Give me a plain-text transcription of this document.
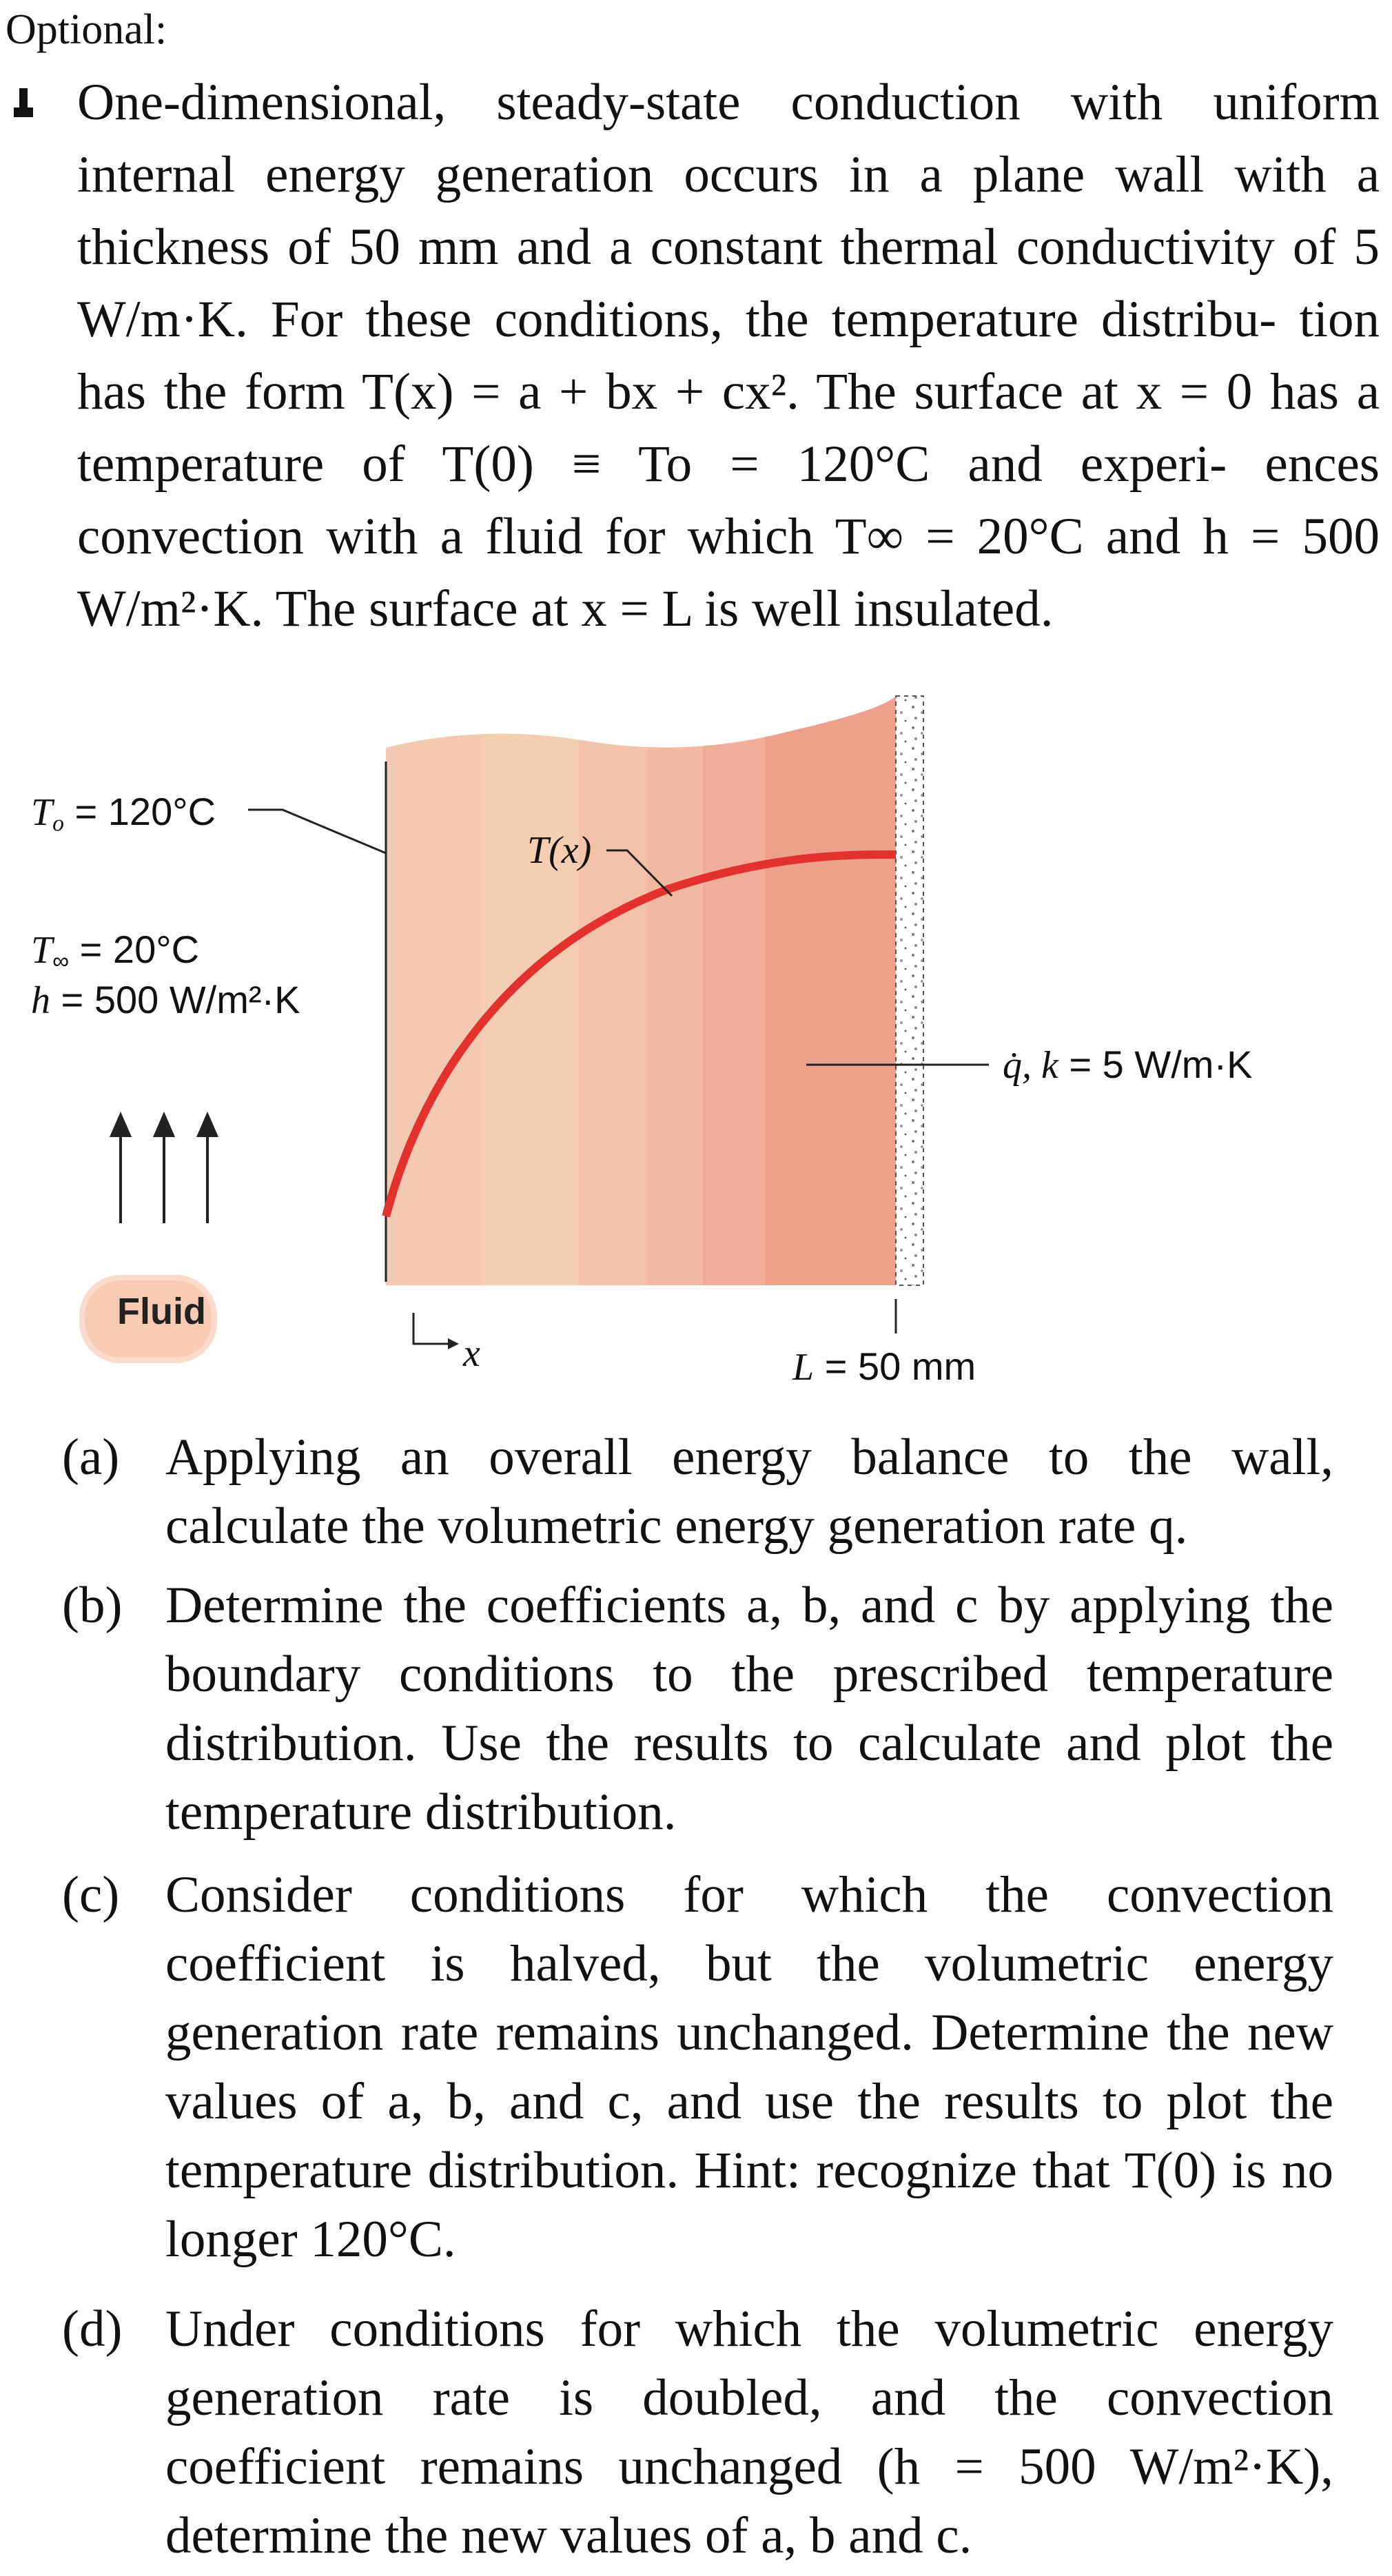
Optional:
One-dimensional, steady-state conduction with uniform internal energy generation occurs in a plane wall with a thickness of 50 mm and a constant thermal conductivity of 5 W/m·K. For these conditions, the temperature distribu- tion has the form T(x) = a + bx + cx². The surface at x = 0 has a temperature of T(0) ≡ To = 120°C and experi- ences convection with a fluid for which T∞ = 20°C and h = 500 W/m²·K. The surface at x = L is well insulated.
Fluid
$T_o = 120^\circ C$
$T_\infty = 20^\circ C$
h = 500 W/m²·K
T(x)
q̇, k = 5 W/m·K
L = 50 mm
x
(a) Applying an overall energy balance to the wall, calculate the volumetric energy generation rate q.
(b) Determine the coefficients a, b, and c by applying the boundary conditions to the prescribed temperature distribution. Use the results to calculate and plot the temperature distribution.
(c) Consider conditions for which the convection coefficient is halved, but the volumetric energy generation rate remains unchanged. Determine the new values of a, b, and c, and use the results to plot the temperature distribution. Hint: recognize that T(0) is no longer 120°C.
(d) Under conditions for which the volumetric energy generation rate is doubled, and the convection coefficient remains unchanged (h = 500 W/m²·K), determine the new values of a, b and c.
